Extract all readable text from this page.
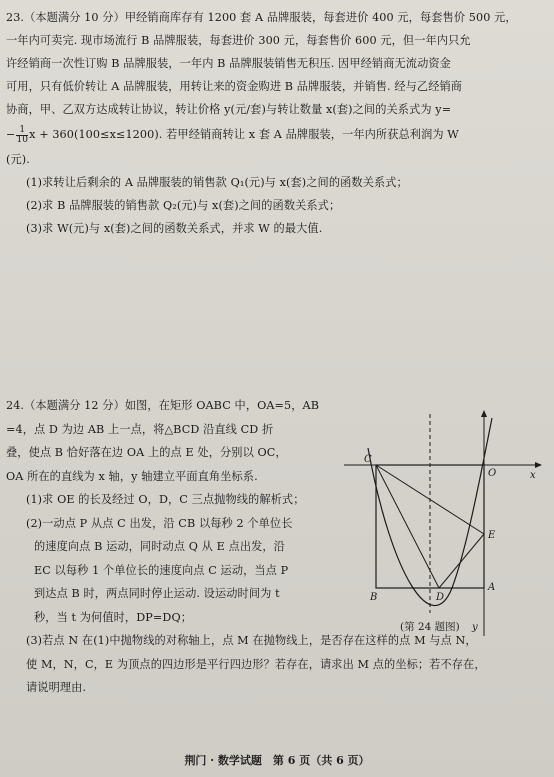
23.（本题满分 10 分）甲经销商库存有 1200 套 A 品牌服装，每套进价 400 元，每套售价 500 元，
一年内可卖完. 现市场流行 B 品牌服装，每套进价 300 元，每套售价 600 元，但一年内只允
许经销商一次性订购 B 品牌服装，一年内 B 品牌服装销售无积压. 因甲经销商无流动资金
可用，只有低价转让 A 品牌服装，用转让来的资金购进 B 品牌服装，并销售. 经与乙经销商
协商，甲、乙双方达成转让协议，转让价格 y(元/套)与转让数量 x(套)之间的关系式为 y=
− $\frac{1}{10}$ x + 360(100≤x≤1200). 若甲经销商转让 x 套 A 品牌服装，一年内所获总利润为 W
(元).
(1)求转让后剩余的 A 品牌服装的销售款 Q₁(元)与 x(套)之间的函数关系式；
(2)求 B 品牌服装的销售款 Q₂(元)与 x(套)之间的函数关系式；
(3)求 W(元)与 x(套)之间的函数关系式，并求 W 的最大值.
24.（本题满分 12 分）如图，在矩形 OABC 中，OA=5，AB
=4，点 D 为边 AB 上一点，将△BCD 沿直线 CD 折
叠，使点 B 恰好落在边 OA 上的点 E 处，分别以 OC，
OA 所在的直线为 x 轴，y 轴建立平面直角坐标系.
(1)求 OE 的长及经过 O，D，C 三点抛物线的解析式；
(2)一动点 P 从点 C 出发，沿 CB 以每秒 2 个单位长
的速度向点 B 运动，同时动点 Q 从 E 点出发，沿
EC 以每秒 1 个单位长的速度向点 C 运动，当点 P
到达点 B 时，两点同时停止运动. 设运动时间为 t
秒，当 t 为何值时，DP=DQ；
(3)若点 N 在(1)中抛物线的对称轴上，点 M 在抛物线上，是否存在这样的点 M 与点 N，
使 M，N，C，E 为顶点的四边形是平行四边形？若存在，请求出 M 点的坐标；若不存在，
请说明理由.
C
O
E
A
B	D
x
y
(第 24 题图)
荆门 · 数学试题　第 6 页（共 6 页）
